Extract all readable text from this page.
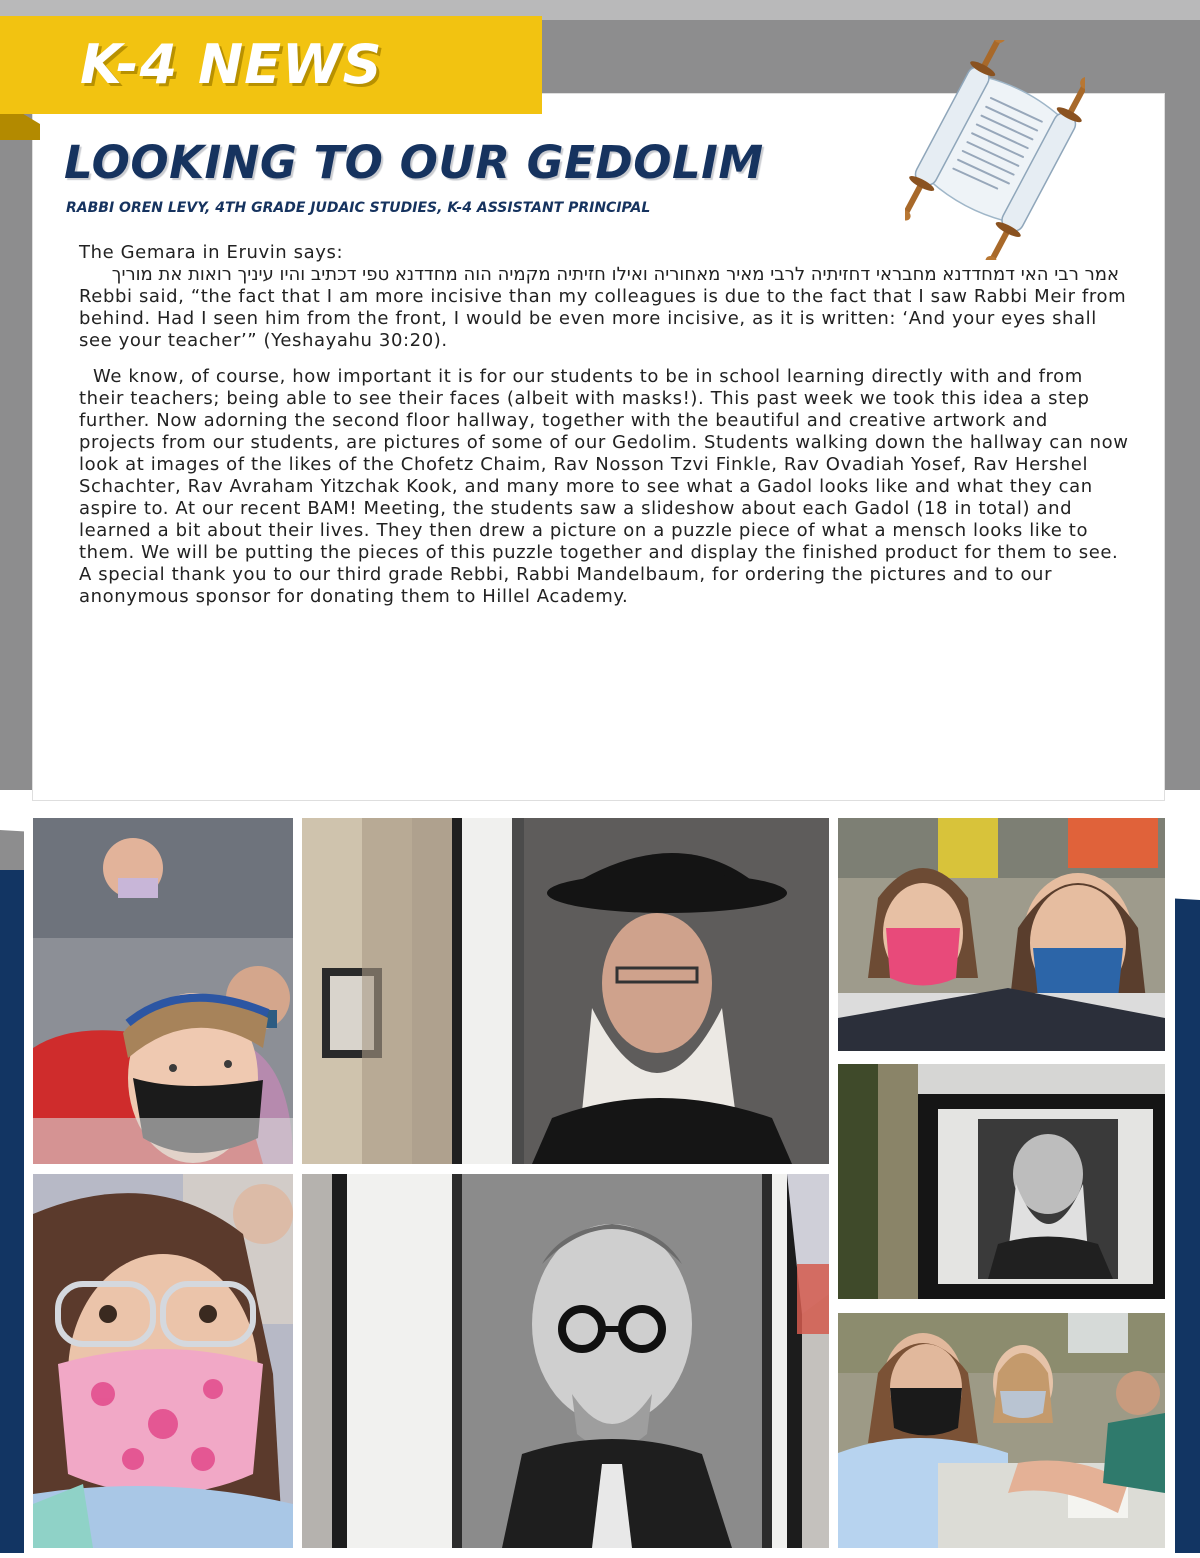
K-4 NEWS
LOOKING TO OUR GEDOLIM
RABBI OREN LEVY, 4TH GRADE JUDAIC STUDIES, K-4 ASSISTANT PRINCIPAL

The Gemara in Eruvin says:

אמר רבי האי דמחדדנא מחבראי דחזיתיה לרבי מאיר מאחוריה ואילו חזיתיה מקמיה הוה מחדדנא טפי דכתיב והיו עיניך רואות את מוריך

Rebbi said, “the fact that I am more incisive than my colleagues is due to the fact that I saw Rabbi Meir from behind. Had I seen him from the front, I would be even more incisive, as it is written: ‘And your eyes shall see your teacher’” (Yeshayahu 30:20).

We know, of course, how important it is for our students to be in school learning directly with and from their teachers; being able to see their faces (albeit with masks!). This past week we took this idea a step further. Now adorning the second floor hallway, together with the beautiful and creative artwork and projects from our students, are pictures of some of our Gedolim. Students walking down the hallway can now look at images of the likes of the Chofetz Chaim, Rav Nosson Tzvi Finkle, Rav Ovadiah Yosef, Rav Hershel Schachter, Rav Avraham Yitzchak Kook, and many more to see what a Gadol looks like and what they can aspire to. At our recent BAM! Meeting, the students saw a slideshow about each Gadol (18 in total) and learned a bit about their lives. They then drew a picture on a puzzle piece of what a mensch looks like to them. We will be putting the pieces of this puzzle together and display the finished product for them to see. A special thank you to our third grade Rebbi, Rabbi Mandelbaum, for ordering the pictures and to our anonymous sponsor for donating them to Hillel Academy.
